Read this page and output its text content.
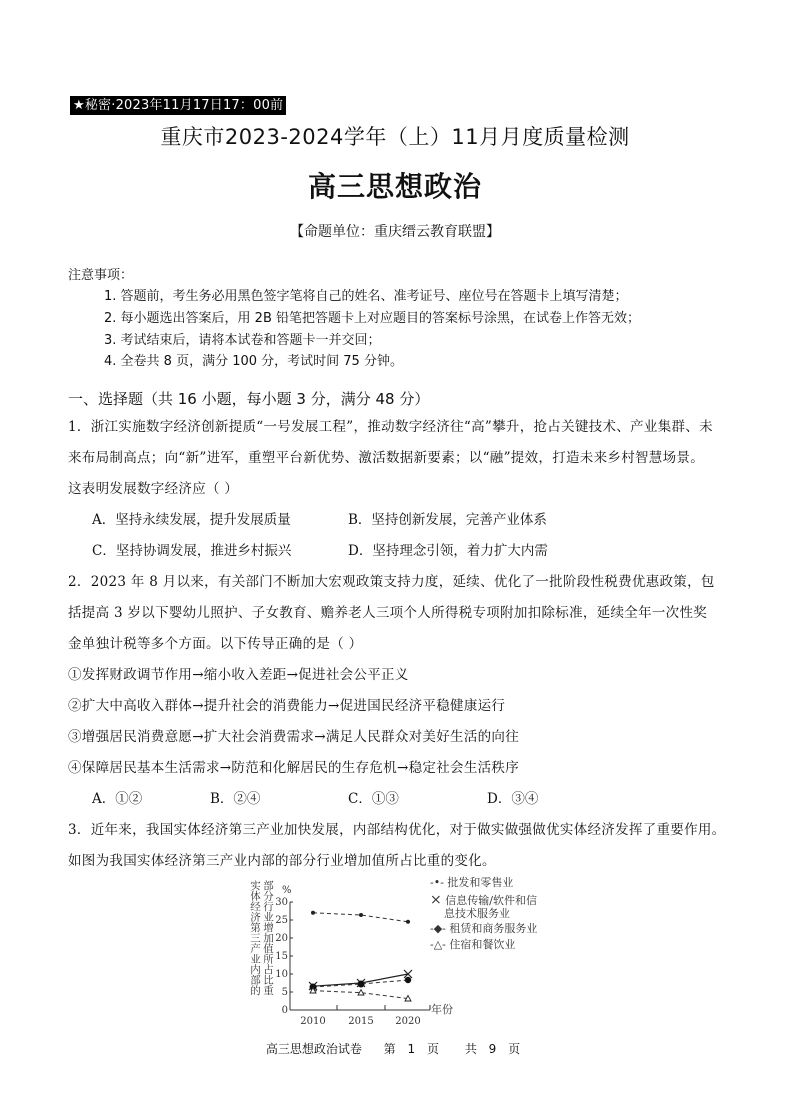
★秘密·2023年11月17日17：00前
重庆市2023-2024学年（上）11月月度质量检测
高三思想政治
【命题单位：重庆缙云教育联盟】
注意事项：
1. 答题前，考生务必用黑色签字笔将自己的姓名、准考证号、座位号在答题卡上填写清楚；
2. 每小题选出答案后，用 2B 铅笔把答题卡上对应题目的答案标号涂黑，在试卷上作答无效；
3. 考试结束后，请将本试卷和答题卡一并交回；
4. 全卷共 8 页，满分 100 分，考试时间 75 分钟。
一、选择题（共 16 小题，每小题 3 分，满分 48 分）
1．浙江实施数字经济创新提质“一号发展工程”，推动数字经济往“高”攀升，抢占关键技术、产业集群、未
来布局制高点；向“新”进军，重塑平台新优势、激活数据新要素；以“融”提效，打造未来乡村智慧场景。
这表明发展数字经济应（ ）
A．坚持永续发展，提升发展质量	B．坚持创新发展，完善产业体系
C．坚持协调发展，推进乡村振兴	D．坚持理念引领，着力扩大内需
2．2023 年 8 月以来，有关部门不断加大宏观政策支持力度，延续、优化了一批阶段性税费优惠政策，包
括提高 3 岁以下婴幼儿照护、子女教育、赡养老人三项个人所得税专项附加扣除标准，延续全年一次性奖
金单独计税等多个方面。以下传导正确的是（ ）
①发挥财政调节作用→缩小收入差距→促进社会公平正义
②扩大中高收入群体→提升社会的消费能力→促进国民经济平稳健康运行
③增强居民消费意愿→扩大社会消费需求→满足人民群众对美好生活的向往
④保障居民基本生活需求→防范和化解居民的生存危机→稳定社会生活秩序
A．①②	B．②④	C．①③	D．③④
3．近年来，我国实体经济第三产业加快发展，内部结构优化，对于做实做强做优实体经济发挥了重要作用。
如图为我国实体经济第三产业内部的部分行业增加值所占比重的变化。
实体经济第三产业内部的 部分行业增加值所占比重 %
0
5
10
15
20
25
30
2010 2015 2020
年份
-•- 批发和零售业
⨯ 信息传输/软件和信
息技术服务业
-◆- 租赁和商务服务业
-△- 住宿和餐饮业
高三思想政治试卷 第 1 页 共 9 页
